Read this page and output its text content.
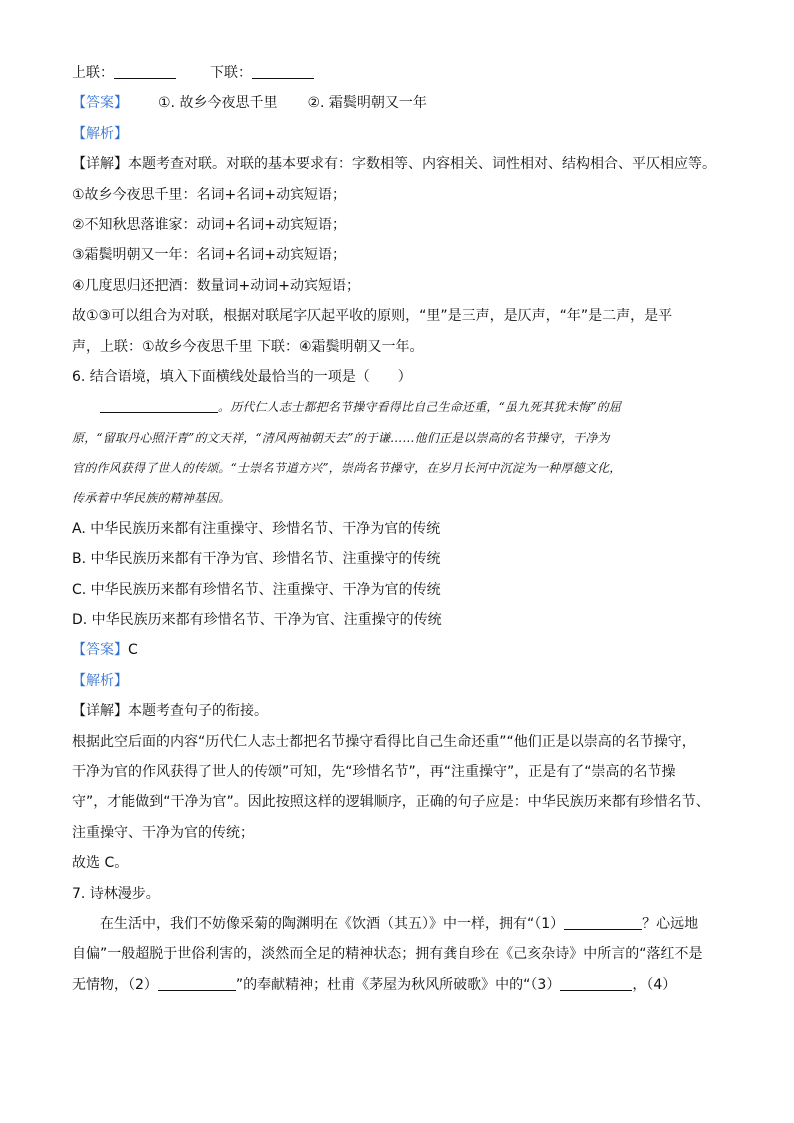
上联：	下联：
【答案】 ①. 故乡今夜思千里 ②. 霜鬓明朝又一年
【解析】
【详解】本题考查对联。对联的基本要求有：字数相等、内容相关、词性相对、结构相合、平仄相应等。
①故乡今夜思千里：名词+名词+动宾短语；
②不知秋思落谁家：动词+名词+动宾短语；
③霜鬓明朝又一年：名词+名词+动宾短语；
④几度思归还把酒：数量词+动词+动宾短语；
故①③可以组合为对联，根据对联尾字仄起平收的原则，“里”是三声，是仄声，“年”是二声，是平
声，上联：①故乡今夜思千里 下联：④霜鬓明朝又一年。
6. 结合语境，填入下面横线处最恰当的一项是（　　）
。历代仁人志士都把名节操守看得比自己生命还重，“虽九死其犹未悔”的屈
原，“留取丹心照汗青”的文天祥，“清风两袖朝天去”的于谦……他们正是以崇高的名节操守，干净为
官的作风获得了世人的传颂。“士崇名节道方兴”，崇尚名节操守，在岁月长河中沉淀为一种厚德文化，
传承着中华民族的精神基因。
A. 中华民族历来都有注重操守、珍惜名节、干净为官的传统
B. 中华民族历来都有干净为官、珍惜名节、注重操守的传统
C. 中华民族历来都有珍惜名节、注重操守、干净为官的传统
D. 中华民族历来都有珍惜名节、干净为官、注重操守的传统
【答案】C
【解析】
【详解】本题考查句子的衔接。
根据此空后面的内容“历代仁人志士都把名节操守看得比自己生命还重”“他们正是以崇高的名节操守，
干净为官的作风获得了世人的传颂”可知，先“珍惜名节”，再“注重操守”，正是有了“崇高的名节操
守”，才能做到“干净为官”。因此按照这样的逻辑顺序，正确的句子应是：中华民族历来都有珍惜名节、
注重操守、干净为官的传统；
故选 C。
7. 诗林漫步。
在生活中，我们不妨像采菊的陶渊明在《饮酒（其五）》中一样，拥有“（1）	？心远地
自偏”一般超脱于世俗利害的，淡然而全足的精神状态；拥有龚自珍在《己亥杂诗》中所言的“落红不是
无情物，（2）	”的奉献精神；杜甫《茅屋为秋风所破歌》中的“（3）	，（4）
